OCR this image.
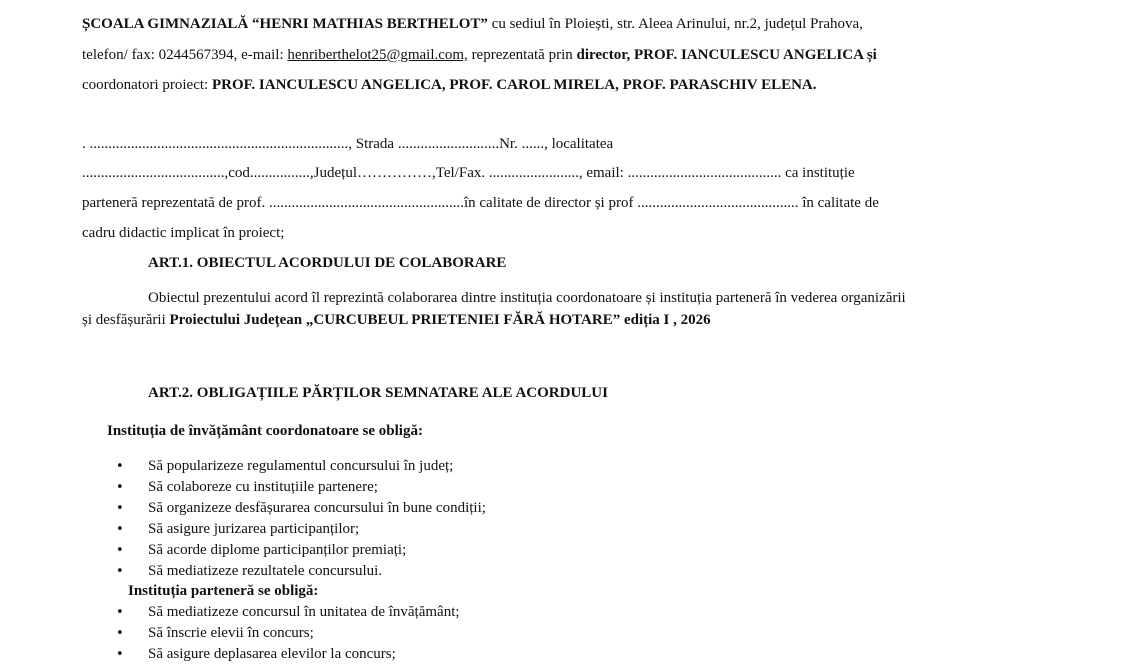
ȘCOALA GIMNAZIALĂ “HENRI MATHIAS BERTHELOT” cu sediul în Ploiești, str. Aleea Arinului, nr.2, județul Prahova,
telefon/ fax: 0244567394, e-mail: henriberthelot25@gmail.com, reprezentată prin director, PROF. IANCULESCU ANGELICA și
coordonatori proiect: PROF. IANCULESCU ANGELICA, PROF. CAROL MIRELA, PROF. PARASCHIV ELENA.
. ....................................................................., Strada ...........................Nr. ......, localitatea
......................................,cod................,Județul……………,Tel/Fax. ........................, email: ......................................... ca instituție
parteneră reprezentată de prof. ....................................................în calitate de director și prof ........................................... în calitate de
cadru didactic implicat în proiect;
ART.1. OBIECTUL ACORDULUI DE COLABORARE
Obiectul prezentului acord îl reprezintă colaborarea dintre instituția coordonatoare și instituția parteneră în vederea organizării
și desfășurării Proiectului Județean „CURCUBEUL PRIETENIEI FĂRĂ HOTARE” ediția I , 2026
ART.2. OBLIGAȚIILE PĂRȚILOR SEMNATARE ALE ACORDULUI
Instituția de învățământ coordonatoare se obligă:
•Să popularizeze regulamentul concursului în județ;
•Să colaboreze cu instituțiile partenere;
•Să organizeze desfășurarea concursului în bune condiții;
•Să asigure jurizarea participanților;
•Să acorde diplome participanților premiați;
•Să mediatizeze rezultatele concursului.
Instituția parteneră se obligă:
•Să mediatizeze concursul în unitatea de învățământ;
•Să înscrie elevii în concurs;
•Să asigure deplasarea elevilor la concurs;
